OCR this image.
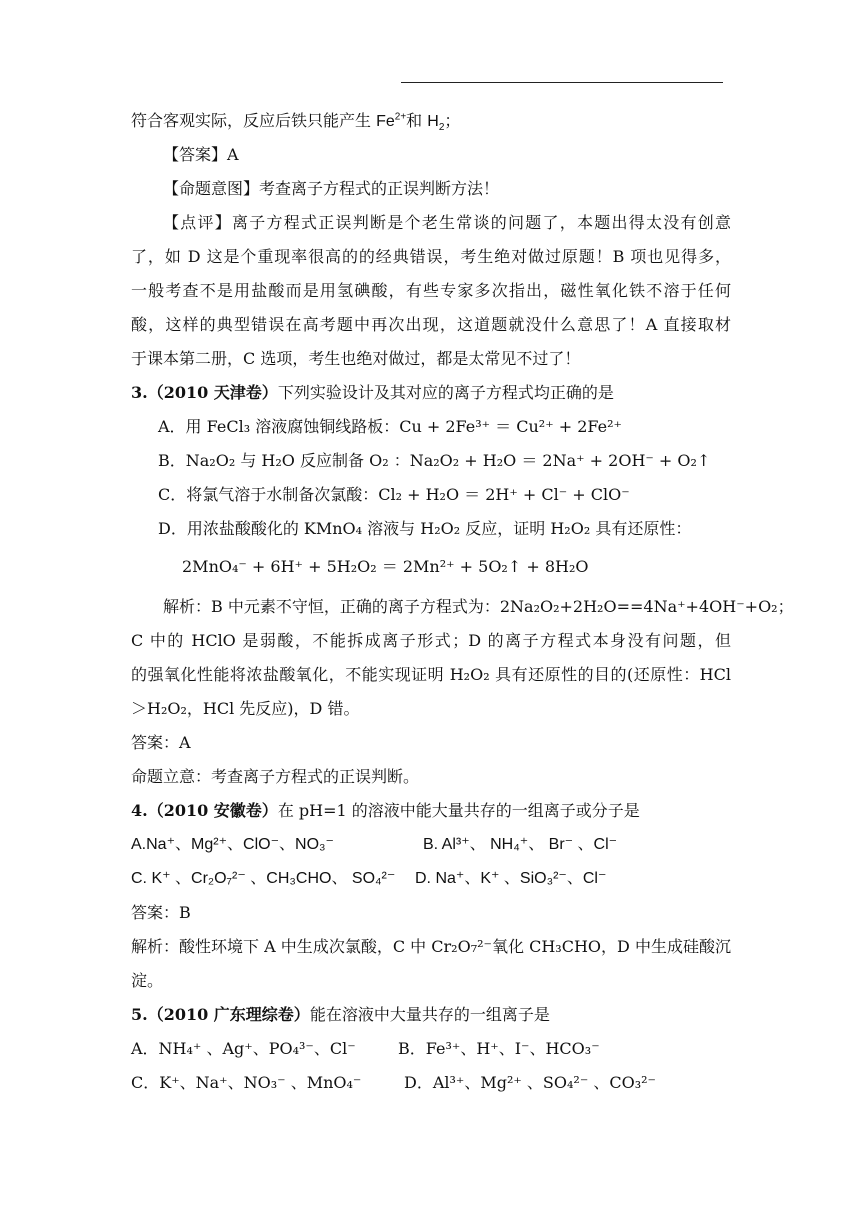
符合客观实际，反应后铁只能产生 $Fe^{2+}$和 $H_2$；
【答案】A
【命题意图】考查离子方程式的正误判断方法！
【点评】离子方程式正误判断是个老生常谈的问题了，本题出得太没有创意
了，如 D 这是个重现率很高的的经典错误，考生绝对做过原题！B 项也见得多，
一般考查不是用盐酸而是用氢碘酸，有些专家多次指出，磁性氧化铁不溶于任何
酸，这样的典型错误在高考题中再次出现，这道题就没什么意思了！A 直接取材
于课本第二册，C 选项，考生也绝对做过，都是太常见不过了！
3.（2010 天津卷）下列实验设计及其对应的离子方程式均正确的是
A．用 FeCl₃ 溶液腐蚀铜线路板：Cu + 2Fe³⁺ ＝ Cu²⁺ + 2Fe²⁺
B．Na₂O₂ 与 H₂O 反应制备 O₂ ：Na₂O₂ + H₂O ＝ 2Na⁺ + 2OH⁻ + O₂↑
C．将氯气溶于水制备次氯酸：Cl₂ + H₂O ＝ 2H⁺ + Cl⁻ + ClO⁻
D．用浓盐酸酸化的 KMnO₄ 溶液与 H₂O₂ 反应，证明 H₂O₂ 具有还原性：
2MnO₄⁻ + 6H⁺ + 5H₂O₂ ＝ 2Mn²⁺ + 5O₂↑ + 8H₂O
解析：B 中元素不守恒，正确的离子方程式为：2Na₂O₂+2H₂O==4Na⁺+4OH⁻+O₂；
C 中的 HClO 是弱酸，不能拆成离子形式；D 的离子方程式本身没有问题，但
的强氧化性能将浓盐酸氧化，不能实现证明 H₂O₂ 具有还原性的目的(还原性：HCl
＞H₂O₂，HCl 先反应)，D 错。
答案：A
命题立意：考查离子方程式的正误判断。
4.（2010 安徽卷）在 pH=1 的溶液中能大量共存的一组离子或分子是
A.Na⁺、Mg²⁺、ClO⁻、NO₃⁻	B. Al³⁺、 NH₄⁺、 Br⁻ 、Cl⁻
C. K⁺ 、Cr₂O₇²⁻ 、CH₃CHO、 SO₄²⁻ D. Na⁺、K⁺ 、SiO₃²⁻、Cl⁻
答案：B
解析：酸性环境下 A 中生成次氯酸，C 中 Cr₂O₇²⁻氧化 CH₃CHO，D 中生成硅酸沉
淀。
5.（2010 广东理综卷）能在溶液中大量共存的一组离子是
A．NH₄⁺ 、Ag⁺、PO₄³⁻、Cl⁻	B．Fe³⁺、H⁺、I⁻、HCO₃⁻
C．K⁺、Na⁺、NO₃⁻ 、MnO₄⁻	D．Al³⁺、Mg²⁺ 、SO₄²⁻ 、CO₃²⁻
